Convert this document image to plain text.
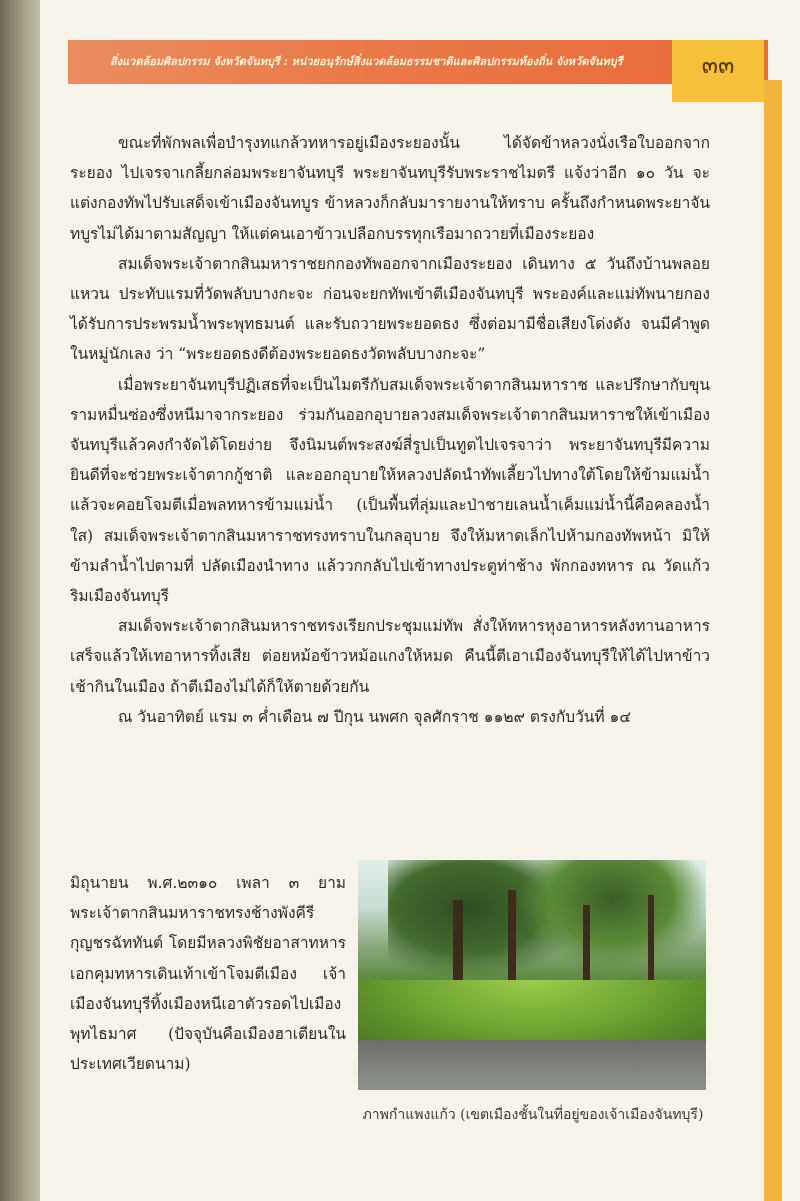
สิ่งแวดล้อมศิลปกรรม จังหวัดจันทบุรี : หน่วยอนุรักษ์สิ่งแวดล้อมธรรมชาติและศิลปกรรมท้องถิ่น จังหวัดจันทบุรี	๓๓

ขณะที่พักพลเพื่อบำรุงทแกล้วทหารอยู่เมืองระยองนั้น ได้จัดข้าหลวงนั่งเรือใบออกจากระยอง ไปเจรจาเกลี้ยกล่อมพระยาจันทบุรี พระยาจันทบุรีรับพระราชไมตรี แจ้งว่าอีก ๑๐ วัน จะแต่งกองทัพไปรับเสด็จเข้าเมืองจันทบูร ข้าหลวงก็กลับมารายงานให้ทราบ ครั้นถึงกำหนดพระยาจันทบูรไม่ได้มาตามสัญญา ให้แต่คนเอาข้าวเปลือกบรรทุกเรือมาถวายที่เมืองระยอง

สมเด็จพระเจ้าตากสินมหาราชยกกองทัพออกจากเมืองระยอง เดินทาง ๕ วันถึงบ้านพลอยแหวน ประทับแรมที่วัดพลับบางกะจะ ก่อนจะยกทัพเข้าตีเมืองจันทบุรี พระองค์และแม่ทัพนายกองได้รับการประพรมน้ำพระพุทธมนต์ และรับถวายพระยอดธง ซึ่งต่อมามีชื่อเสียงโด่งดัง จนมีคำพูดในหมู่นักเลง ว่า “พระยอดธงดีต้องพระยอดธงวัดพลับบางกะจะ”

เมื่อพระยาจันทบุรีปฏิเสธที่จะเป็นไมตรีกับสมเด็จพระเจ้าตากสินมหาราช และปรึกษากับขุนรามหมื่นซ่องซึ่งหนีมาจากระยอง ร่วมกันออกอุบายลวงสมเด็จพระเจ้าตากสินมหาราชให้เข้าเมืองจันทบุรีแล้วคงกำจัดได้โดยง่าย จึงนิมนต์พระสงฆ์สี่รูปเป็นทูตไปเจรจาว่า พระยาจันทบุรีมีความยินดีที่จะช่วยพระเจ้าตากกู้ชาติ และออกอุบายให้หลวงปลัดนำทัพเลี้ยวไปทางใต้โดยให้ข้ามแม่น้ำแล้วจะคอยโจมตีเมื่อพลทหารข้ามแม่น้ำ (เป็นพื้นที่ลุ่มและป่าชายเลนน้ำเค็มแม่น้ำนี้คือคลองน้ำใส) สมเด็จพระเจ้าตากสินมหาราชทรงทราบในกลอุบาย จึงให้มหาดเล็กไปห้ามกองทัพหน้า มิให้ข้ามลำน้ำไปตามที่ ปลัดเมืองนำทาง แล้ววกกลับไปเข้าทางประตูท่าช้าง พักกองทหาร ณ วัดแก้ว ริมเมืองจันทบุรี

สมเด็จพระเจ้าตากสินมหาราชทรงเรียกประชุมแม่ทัพ สั่งให้ทหารหุงอาหารหลังทานอาหารเสร็จแล้วให้เทอาหารทิ้งเสีย ต่อยหม้อข้าวหม้อแกงให้หมด คืนนี้ตีเอาเมืองจันทบุรีให้ได้ไปหาข้าวเช้ากินในเมือง ถ้าตีเมืองไม่ได้ก็ให้ตายด้วยกัน

ณ วันอาทิตย์ แรม ๓ ค่ำเดือน ๗ ปีกุน นพศก จุลศักราช ๑๑๒๙ ตรงกับวันที่ ๑๔

มิถุนายน พ.ศ.๒๓๑๐ เพลา ๓ ยาม พระเจ้าตากสินมหาราชทรงช้างพังคีรีกุญชรฉัททันต์ โดยมีหลวงพิชัยอาสาทหารเอกคุมทหารเดินเท้าเข้าโจมตีเมือง เจ้าเมืองจันทบุรีทิ้งเมืองหนีเอาตัวรอดไปเมืองพุทไธมาศ (ปัจจุบันคือเมืองฮาเตียนในประเทศเวียดนาม)
ภาพกำแพงแก้ว (เขตเมืองชั้นในที่อยู่ของเจ้าเมืองจันทบุรี)
